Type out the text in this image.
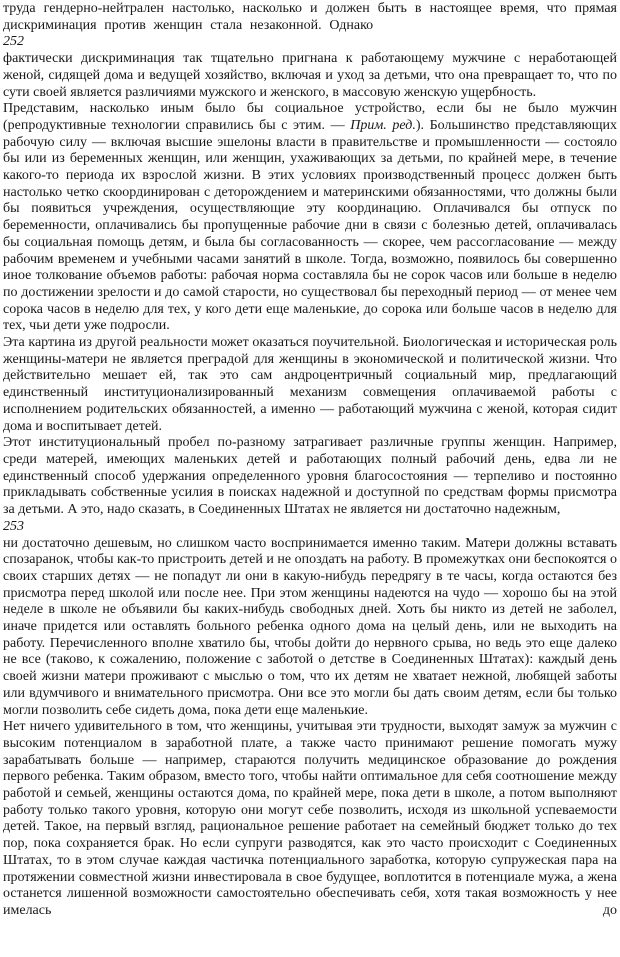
труда гендерно-нейтрален настолько, насколько и должен быть в настоящее время, что прямая дискриминация против женщин стала незаконной. Однако
252
фактически дискриминация так тщательно пригнана к работающему мужчине с неработающей женой, сидящей дома и ведущей хозяйство, включая и уход за детьми, что она превращает то, что по сути своей является различиями мужского и женского, в массовую женскую ущербность.
Представим, насколько иным было бы социальное устройство, если бы не было мужчин (репродуктивные технологии справились бы с этим. — Прим. ред.). Большинство представляющих рабочую силу — включая высшие эшелоны власти в правительстве и промышленности — состояло бы или из беременных женщин, или женщин, ухаживающих за детьми, по крайней мере, в течение какого-то периода их взрослой жизни. В этих условиях производственный процесс должен быть настолько четко скоординирован с деторождением и материнскими обязанностями, что должны были бы появиться учреждения, осуществляющие эту координацию. Оплачивался бы отпуск по беременности, оплачивались бы пропущенные рабочие дни в связи с болезнью детей, оплачивалась бы социальная помощь детям, и была бы согласованность — скорее, чем рассогласование — между рабочим временем и учебными часами занятий в школе. Тогда, возможно, появилось бы совершенно иное толкование объемов работы: рабочая норма составляла бы не сорок часов или больше в неделю по достижении зрелости и до самой старости, но существовал бы переходный период — от менее чем сорока часов в неделю для тех, у кого дети еще маленькие, до сорока или больше часов в неделю для тех, чьи дети уже подросли.
Эта картина из другой реальности может оказаться поучительной. Биологическая и историческая роль женщины-матери не является преградой для женщины в экономической и политической жизни. Что действительно мешает ей, так это сам андроцентричный социальный мир, предлагающий единственный институционализированный механизм совмещения оплачиваемой работы с исполнением родительских обязанностей, а именно — работающий мужчина с женой, которая сидит дома и воспитывает детей.
Этот институциональный пробел по-разному затрагивает различные группы женщин. Например, среди матерей, имеющих маленьких детей и работающих полный рабочий день, едва ли не единственный способ удержания определенного уровня благосостояния — терпеливо и постоянно прикладывать собственные усилия в поисках надежной и доступной по средствам формы присмотра за детьми. А это, надо сказать, в Соединенных Штатах не является ни достаточно надежным,
253
ни достаточно дешевым, но слишком часто воспринимается именно таким. Матери должны вставать спозаранок, чтобы как-то пристроить детей и не опоздать на работу. В промежутках они беспокоятся о своих старших детях — не попадут ли они в какую-нибудь передрягу в те часы, когда остаются без присмотра перед школой или после нее. При этом женщины надеются на чудо — хорошо бы на этой неделе в школе не объявили бы каких-нибудь свободных дней. Хоть бы никто из детей не заболел, иначе придется или оставлять больного ребенка одного дома на целый день, или не выходить на работу. Перечисленного вполне хватило бы, чтобы дойти до нервного срыва, но ведь это еще далеко не все (таково, к сожалению, положение с заботой о детстве в Соединенных Штатах): каждый день своей жизни матери проживают с мыслью о том, что их детям не хватает нежной, любящей заботы или вдумчивого и внимательного присмотра. Они все это могли бы дать своим детям, если бы только могли позволить себе сидеть дома, пока дети еще маленькие.
Нет ничего удивительного в том, что женщины, учитывая эти трудности, выходят замуж за мужчин с высоким потенциалом в заработной плате, а также часто принимают решение помогать мужу зарабатывать больше — например, стараются получить медицинское образование до рождения первого ребенка. Таким образом, вместо того, чтобы найти оптимальное для себя соотношение между работой и семьей, женщины остаются дома, по крайней мере, пока дети в школе, а потом выполняют работу только такого уровня, которую они могут себе позволить, исходя из школьной успеваемости детей. Такое, на первый взгляд, рациональное решение работает на семейный бюджет только до тех пор, пока сохраняется брак. Но если супруги разводятся, как это часто происходит с Соединенных Штатах, то в этом случае каждая частичка потенциального заработка, которую супружеская пара на протяжении совместной жизни инвестировала в свое будущее, воплотится в потенциале мужа, а жена останется лишенной возможности самостоятельно обеспечивать себя, хотя такая возможность у нее имелась до
